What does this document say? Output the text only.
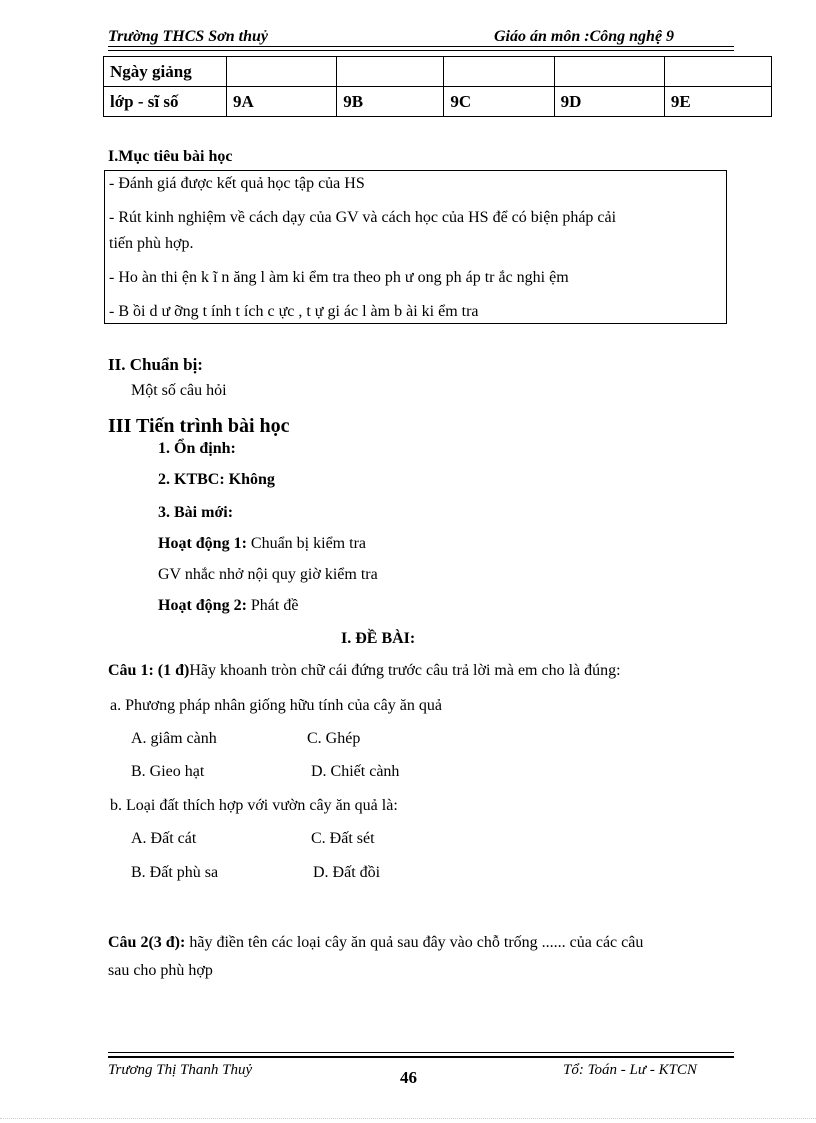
Trường THCS Sơn thuỷ	Giáo án môn :Công nghệ 9
Ngày giảng					
lớp - sĩ số	9A	9B	9C	9D	9E
I.Mục tiêu bài học
- Đánh giá được kết quả học tập của HS
- Rút kinh nghiệm về cách dạy của GV và cách học của HS để có biện pháp cải
tiến phù hợp.
- Ho àn thi ện k ĩ n ăng l àm ki ểm tra theo ph ư ong ph áp tr ắc nghi ệm
- B ồi d ư ỡng t ính t ích c ực , t ự gi ác l àm b ài ki ểm tra
II. Chuẩn bị:
Một số câu hỏi
III Tiến trình bài học
1. Ổn định:
2. KTBC: Không
3. Bài mới:
Hoạt động 1: Chuẩn bị kiểm tra
GV nhắc nhở nội quy giờ kiểm tra
Hoạt động 2: Phát đề
I. ĐỀ BÀI:
Câu 1: (1 đ)Hãy khoanh tròn chữ cái đứng trước câu trả lời mà em cho là đúng:
a. Phương pháp nhân giống hữu tính của cây ăn quả
A. giâm cành	C. Ghép
B. Gieo hạt	D. Chiết cành
b. Loại đất thích hợp với vườn cây ăn quả là:
A. Đất cát	C. Đất sét
B. Đất phù sa	D. Đất đồi
Câu 2(3 đ): hãy điền tên các loại cây ăn quả sau đây vào chỗ trống ...... của các câu
sau cho phù hợp
Trương Thị Thanh Thuỷ	46	Tổ: Toán - Lư - KTCN
